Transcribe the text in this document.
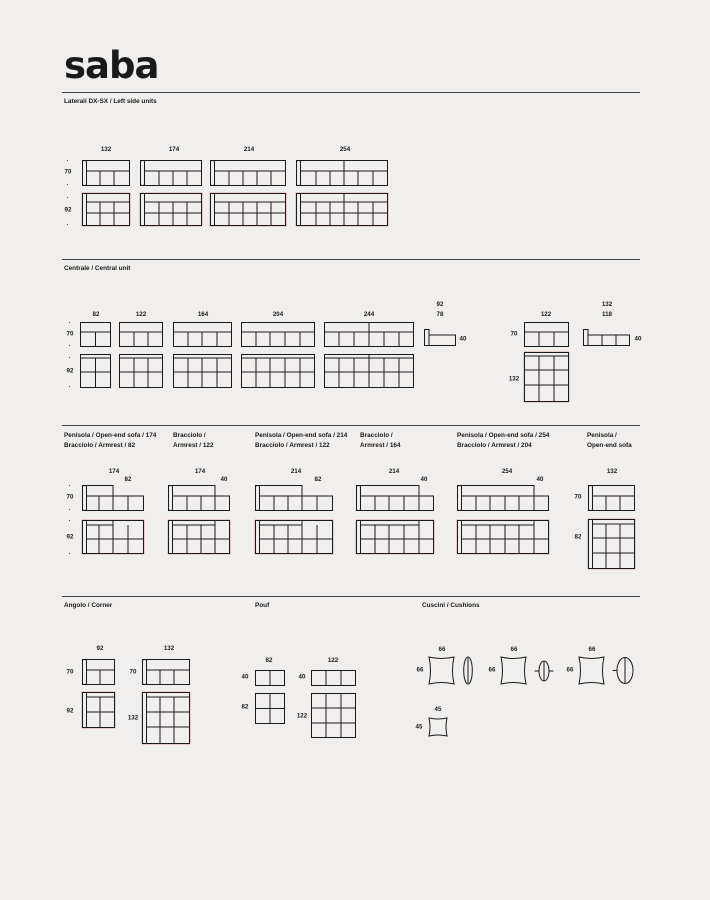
saba
Laterali DX-SX / Left side units
70
92
132	174	214	254
Centrale / Central unit
70
92
82	122	164	204	244
92
78
40
122
70
132
132
118
40
Penisola / Open-end sofa / 174
Bracciolo / Armrest / 82
Bracciolo /
Armrest / 122
Penisola / Open-end sofa / 214
Bracciolo / Armrest / 122
Bracciolo /
Armrest / 164
Penisola / Open-end sofa / 254
Bracciolo / Armrest / 204
Penisola /
Open-end sofa
70
92
174
82
174
40
214
82
214
40
254
40
132
70
82
Angolo / Corner	Pouf	Cuscini / Cushions
92	132
70
92
70
132
82	122
40
82
40
122
66	66	66
45
66	66	66
45
